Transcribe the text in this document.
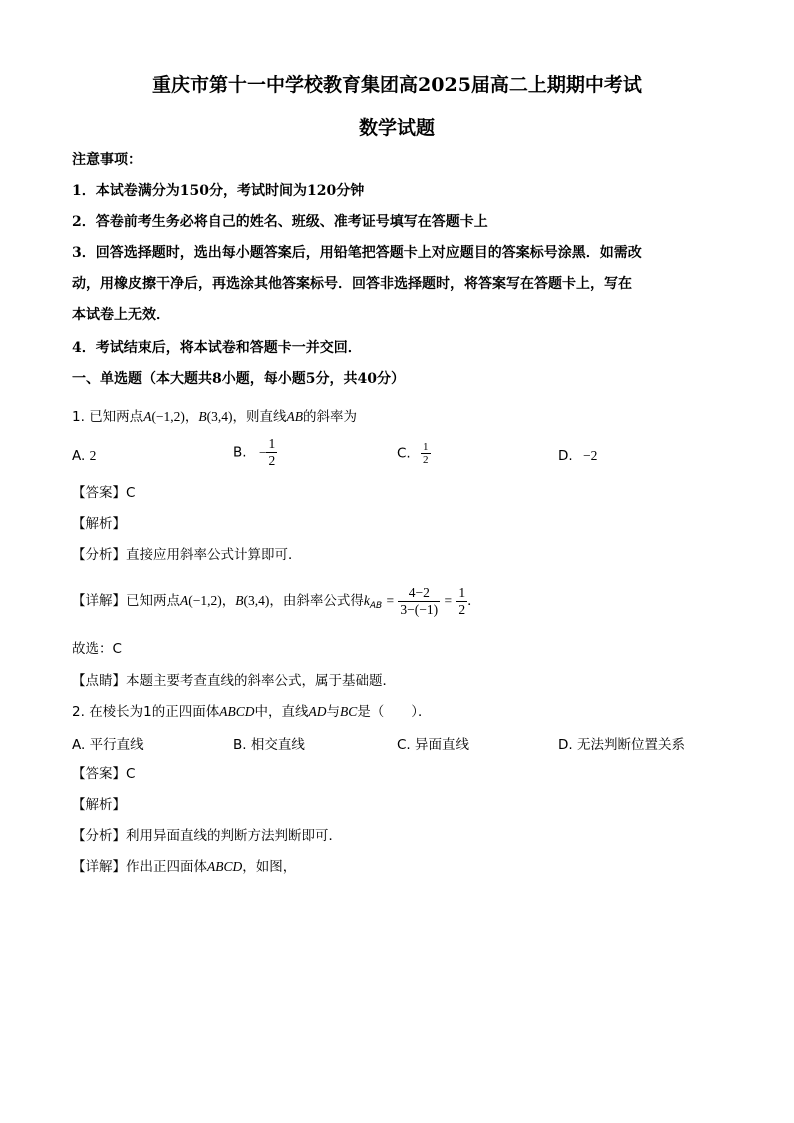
重庆市第十一中学校教育集团高2025届高二上期期中考试
数学试题
注意事项：
1．本试卷满分为150分，考试时间为120分钟
2．答卷前考生务必将自己的姓名、班级、准考证号填写在答题卡上
3．回答选择题时，选出每小题答案后，用铅笔把答题卡上对应题目的答案标号涂黑．如需改
动，用橡皮擦干净后，再选涂其他答案标号．回答非选择题时，将答案写在答题卡上，写在
本试卷上无效．
4．考试结束后，将本试卷和答题卡一并交回．
一、单选题（本大题共8小题，每小题5分，共40分）
1. 已知两点A(−1,2)，B(3,4)，则直线AB的斜率为
A. 2	B. − $\frac{1}{2}$	C. $\frac{1}{2}$	D. −2
【答案】C
【解析】
【分析】直接应用斜率公式计算即可．
【详解】已知两点A(−1,2)，B(3,4)，由斜率公式得$k_{AB} = \frac{4-2}{3-(-1)} = \frac{1}{2}$ ．
故选：C
【点睛】本题主要考查直线的斜率公式，属于基础题．
2. 在棱长为1的正四面体ABCD中，直线AD与BC是（　　）．
A. 平行直线	B. 相交直线	C. 异面直线	D. 无法判断位置关系
【答案】C
【解析】
【分析】利用异面直线的判断方法判断即可．
【详解】作出正四面体ABCD，如图，
